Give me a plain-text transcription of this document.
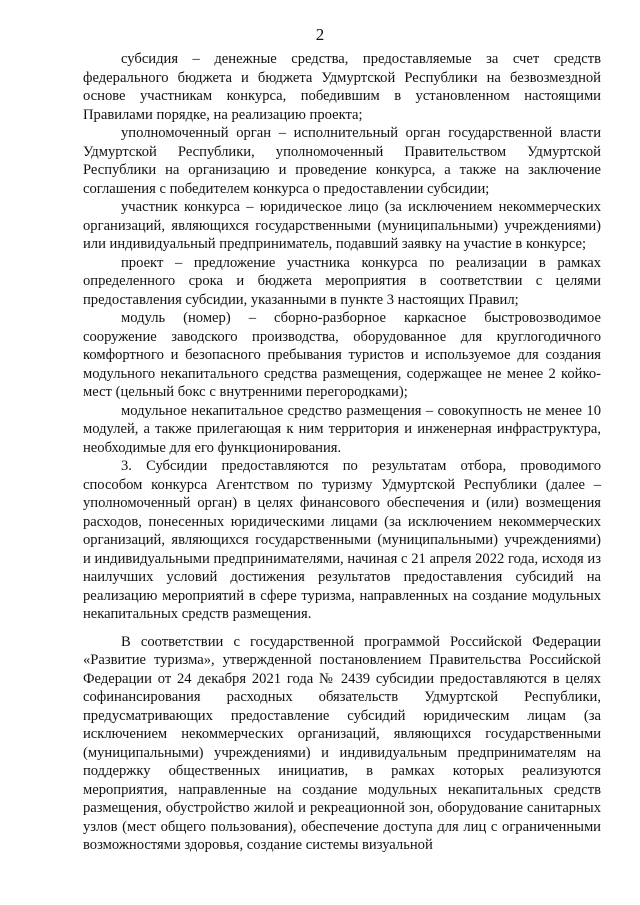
2

субсидия – денежные средства, предоставляемые за счет средств федерального бюджета и бюджета Удмуртской Республики на безвозмездной основе участникам конкурса, победившим в установленном настоящими Правилами порядке, на реализацию проекта;

уполномоченный орган – исполнительный орган государственной власти Удмуртской Республики, уполномоченный Правительством Удмуртской Республики на организацию и проведение конкурса, а также на заключение соглашения с победителем конкурса о предоставлении субсидии;

участник конкурса – юридическое лицо (за исключением некоммерческих организаций, являющихся государственными (муниципальными) учреждениями) или индивидуальный предприниматель, подавший заявку на участие в конкурсе;

проект – предложение участника конкурса по реализации в рамках определенного срока и бюджета мероприятия в соответствии с целями предоставления субсидии, указанными в пункте 3 настоящих Правил;

модуль (номер) – сборно-разборное каркасное быстровозводимое сооружение заводского производства, оборудованное для круглогодичного комфортного и безопасного пребывания туристов и используемое для создания модульного некапитального средства размещения, содержащее не менее 2 койко-мест (цельный бокс с внутренними перегородками);

модульное некапитальное средство размещения – совокупность не менее 10 модулей, а также прилегающая к ним территория и инженерная инфраструктура, необходимые для его функционирования.

3. Субсидии предоставляются по результатам отбора, проводимого способом конкурса Агентством по туризму Удмуртской Республики (далее – уполномоченный орган) в целях финансового обеспечения и (или) возмещения расходов, понесенных юридическими лицами (за исключением некоммерческих организаций, являющихся государственными (муниципальными) учреждениями) и индивидуальными предпринимателями, начиная с 21 апреля 2022 года, исходя из наилучших условий достижения результатов предоставления субсидий на реализацию мероприятий в сфере туризма, направленных на создание модульных некапитальных средств размещения.

В соответствии с государственной программой Российской Федерации «Развитие туризма», утвержденной постановлением Правительства Российской Федерации от 24 декабря 2021 года № 2439 субсидии предоставляются в целях софинансирования расходных обязательств Удмуртской Республики, предусматривающих предоставление субсидий юридическим лицам (за исключением некоммерческих организаций, являющихся государственными (муниципальными) учреждениями) и индивидуальным предпринимателям на поддержку общественных инициатив, в рамках которых реализуются мероприятия, направленные на создание модульных некапитальных средств размещения, обустройство жилой и рекреационной зон, оборудование санитарных узлов (мест общего пользования), обеспечение доступа для лиц с ограниченными возможностями здоровья, создание системы визуальной
